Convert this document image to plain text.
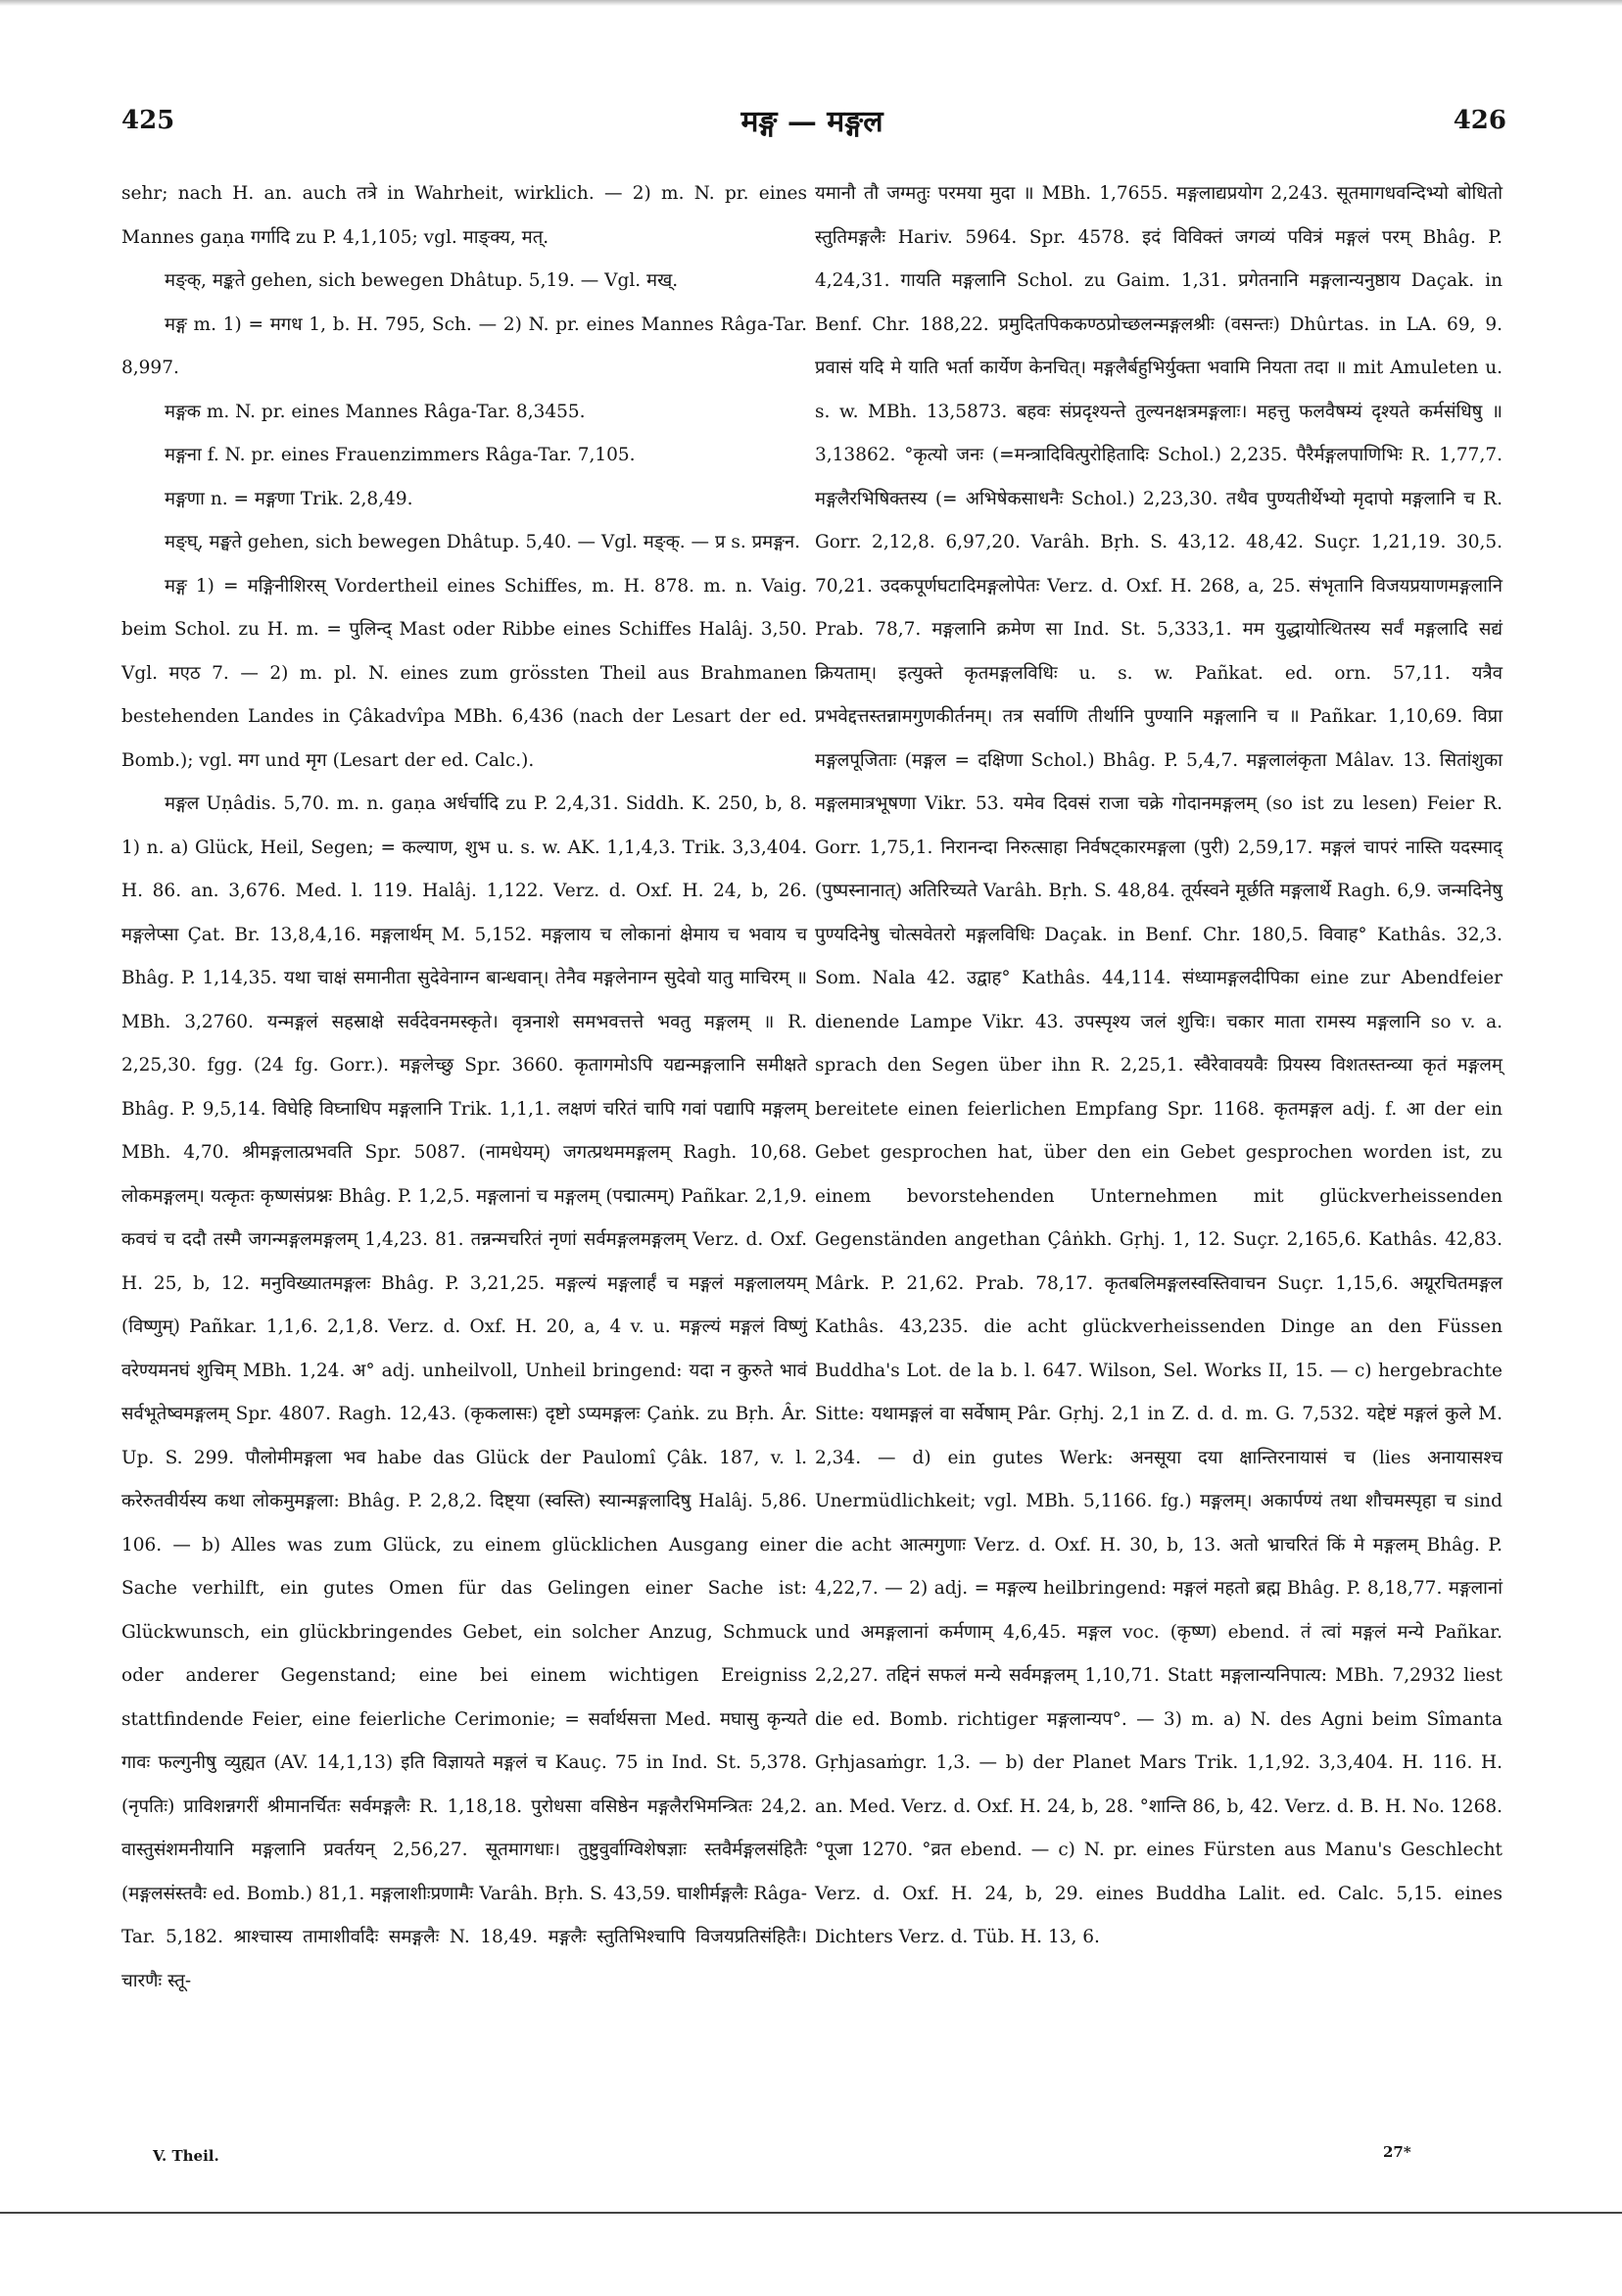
425	मङ्ग — मङ्गल	426

sehr; nach H. an. auch तत्रे in Wahrheit, wirklich. — 2) m. N. pr. eines Mannes gaṇa गर्गादि zu P. 4,1,105; vgl. माङ्क्य, मत्.

मङ्क्, मङ्कते gehen, sich bewegen Dhâtup. 5,19. — Vgl. मख्.

मङ्ग m. 1) = मगध 1, b. H. 795, Sch. — 2) N. pr. eines Mannes Râga-Tar. 8,997.

मङ्गक m. N. pr. eines Mannes Râga-Tar. 8,3455.

मङ्गना f. N. pr. eines Frauenzimmers Râga-Tar. 7,105.

मङ्गणा n. = मङ्गणा Trik. 2,8,49.

मङ्घ्, मङ्घते gehen, sich bewegen Dhâtup. 5,40. — Vgl. मङ्क्. — प्र s. प्रमङ्गन.

मङ्ग 1) = मङ्गिनीशिरस् Vordertheil eines Schiffes, m. H. 878. m. n. Vaig. beim Schol. zu H. m. = पुलिन्द् Mast oder Ribbe eines Schiffes Halâj. 3,50. Vgl. मएठ 7. — 2) m. pl. N. eines zum grössten Theil aus Brahmanen bestehenden Landes in Çâkadvîpa MBh. 6,436 (nach der Lesart der ed. Bomb.); vgl. मग und मृग (Lesart der ed. Calc.).

मङ्गल Uṇâdis. 5,70. m. n. gaṇa अर्धर्चादि zu P. 2,4,31. Siddh. K. 250, b, 8. 1) n. a) Glück, Heil, Segen; = कल्याण, शुभ u. s. w. AK. 1,1,4,3. Trik. 3,3,404. H. 86. an. 3,676. Med. l. 119. Halâj. 1,122. Verz. d. Oxf. H. 24, b, 26. मङ्गलेप्सा Çat. Br. 13,8,4,16. मङ्गलार्थम् M. 5,152. मङ्गलाय च लोकानां क्षेमाय च भवाय च Bhâg. P. 1,14,35. यथा चाक्षं समानीता सुदेवेनाग्न बान्धवान्। तेनैव मङ्गलेनाग्न सुदेवो यातु माचिरम् ॥ MBh. 3,2760. यन्मङ्गलं सहस्राक्षे सर्वदेवनमस्कृते। वृत्रनाशे समभवत्तत्ते भवतु मङ्गलम् ॥ R. 2,25,30. fgg. (24 fg. Gorr.). मङ्गलेच्छु Spr. 3660. कृतागमोऽपि यद्यन्मङ्गलानि समीक्षते Bhâg. P. 9,5,14. विघेहि विघ्नाधिप मङ्गलानि Trik. 1,1,1. लक्षणं चरितं चापि गवां पद्यापि मङ्गलम् MBh. 4,70. श्रीमङ्गलात्प्रभवति Spr. 5087. (नामधेयम्) जगत्प्रथममङ्गलम् Ragh. 10,68. लोकमङ्गलम्। यत्कृतः कृष्णसंप्रश्नः Bhâg. P. 1,2,5. मङ्गलानां च मङ्गलम् (पद्मात्मम्) Pañkar. 2,1,9. कवचं च ददौ तस्मै जगन्मङ्गलमङ्गलम् 1,4,23. 81. तन्नन्मचरितं नृणां सर्वमङ्गलमङ्गलम् Verz. d. Oxf. H. 25, b, 12. मनुविख्यातमङ्गलः Bhâg. P. 3,21,25. मङ्गल्यं मङ्गलार्हं च मङ्गलं मङ्गलालयम् (विष्णुम्) Pañkar. 1,1,6. 2,1,8. Verz. d. Oxf. H. 20, a, 4 v. u. मङ्गल्यं मङ्गलं विष्णुं वरेण्यमनघं शुचिम् MBh. 1,24. अ° adj. unheilvoll, Unheil bringend: यदा न कुरुते भावं सर्वभूतेष्वमङ्गलम् Spr. 4807. Ragh. 12,43. (कृकलासः) दृष्टो ऽप्यमङ्गलः Çaṅk. zu Bṛh. Âr. Up. S. 299. पौलोमीमङ्गला भव habe das Glück der Paulomî Çâk. 187, v. l. करेरुतवीर्यस्य कथा लोकमुमङ्गला: Bhâg. P. 2,8,2. दिष्ट्या (स्वस्ति) स्यान्मङ्गलादिषु Halâj. 5,86. 106. — b) Alles was zum Glück, zu einem glücklichen Ausgang einer Sache verhilft, ein gutes Omen für das Gelingen einer Sache ist: Glückwunsch, ein glückbringendes Gebet, ein solcher Anzug, Schmuck oder anderer Gegenstand; eine bei einem wichtigen Ereigniss stattfindende Feier, eine feierliche Cerimonie; = सर्वार्थसत्ता Med. मघासु कृन्यते गावः फल्गुनीषु व्युह्यत (AV. 14,1,13) इति विज्ञायते मङ्गलं च Kauç. 75 in Ind. St. 5,378. (नृपतिः) प्राविशन्नगरीं श्रीमानर्चितः सर्वमङ्गलैः R. 1,18,18. पुरोधसा वसिष्ठेन मङ्गलैरभिमन्त्रितः 24,2. वास्तुसंशमनीयानि मङ्गलानि प्रवर्तयन् 2,56,27. सूतमागधाः। तुष्टुवुर्वाग्विशेषज्ञाः स्तवैर्मङ्गलसंहितैः (मङ्गलसंस्तवैः ed. Bomb.) 81,1. मङ्गलाशीःप्रणामैः Varâh. Bṛh. S. 43,59. घाशीर्मङ्गलैः Râga-Tar. 5,182. श्राश्चास्य तामाशीर्वादैः समङ्गलैः N. 18,49. मङ्गलैः स्तुतिभिश्चापि विजयप्रतिसंहितैः। चारणैः स्तू-

यमानौ तौ जग्मतुः परमया मुदा ॥ MBh. 1,7655. मङ्गलाद्यप्रयोग 2,243. सूतमागधवन्दिभ्यो बोधितो स्तुतिमङ्गलैः Hariv. 5964. Spr. 4578. इदं विविक्तं जगव्यं पवित्रं मङ्गलं परम् Bhâg. P. 4,24,31. गायति मङ्गलानि Schol. zu Gaim. 1,31. प्रगेतनानि मङ्गलान्यनुष्ठाय Daçak. in Benf. Chr. 188,22. प्रमुदितपिककण्ठप्रोच्छलन्मङ्गलश्रीः (वसन्तः) Dhûrtas. in LA. 69, 9. प्रवासं यदि मे याति भर्ता कार्येण केनचित्। मङ्गलैर्बहुभिर्युक्ता भवामि नियता तदा ॥ mit Amuleten u. s. w. MBh. 13,5873. बहवः संप्रदृश्यन्ते तुल्यनक्षत्रमङ्गलाः। महत्तु फलवैषम्यं दृश्यते कर्मसंधिषु ॥ 3,13862. °कृत्यो जनः (=मन्त्रादिवित्पुरोहितादिः Schol.) 2,235. पैरैर्मङ्गलपाणिभिः R. 1,77,7. मङ्गलैरभिषिक्तस्य (= अभिषेकसाधनैः Schol.) 2,23,30. तथैव पुण्यतीर्थेभ्यो मृदापो मङ्गलानि च R. Gorr. 2,12,8. 6,97,20. Varâh. Bṛh. S. 43,12. 48,42. Suçr. 1,21,19. 30,5. 70,21. उदकपूर्णघटादिमङ्गलोपेतः Verz. d. Oxf. H. 268, a, 25. संभृतानि विजयप्रयाणमङ्गलानि Prab. 78,7. मङ्गलानि क्रमेण सा Ind. St. 5,333,1. मम युद्धायोत्थितस्य सर्वं मङ्गलादि सद्यं क्रियताम्। इत्युक्ते कृतमङ्गलविधिः u. s. w. Pañkat. ed. orn. 57,11. यत्रैव प्रभवेद्दत्तस्तन्नामगुणकीर्तनम्। तत्र सर्वाणि तीर्थानि पुण्यानि मङ्गलानि च ॥ Pañkar. 1,10,69. विप्रा मङ्गलपूजिताः (मङ्गल = दक्षिणा Schol.) Bhâg. P. 5,4,7. मङ्गलालंकृता Mâlav. 13. सितांशुका मङ्गलमात्रभूषणा Vikr. 53. यमेव दिवसं राजा चक्रे गोदानमङ्गलम् (so ist zu lesen) Feier R. Gorr. 1,75,1. निरानन्दा निरुत्साहा निर्वषट्कारमङ्गला (पुरी) 2,59,17. मङ्गलं चापरं नास्ति यदस्माद् (पुष्पस्नानात्) अतिरिच्यते Varâh. Bṛh. S. 48,84. तूर्यस्वने मूर्छति मङ्गलार्थे Ragh. 6,9. जन्मदिनेषु पुण्यदिनेषु चोत्सवेतरो मङ्गलविधिः Daçak. in Benf. Chr. 180,5. विवाह° Kathâs. 32,3. Som. Nala 42. उद्वाह° Kathâs. 44,114. संध्यामङ्गलदीपिका eine zur Abendfeier dienende Lampe Vikr. 43. उपस्पृश्य जलं शुचिः। चकार माता रामस्य मङ्गलानि so v. a. sprach den Segen über ihn R. 2,25,1. स्वैरेवावयवैः प्रियस्य विशतस्तन्व्या कृतं मङ्गलम् bereitete einen feierlichen Empfang Spr. 1168. कृतमङ्गल adj. f. आ der ein Gebet gesprochen hat, über den ein Gebet gesprochen worden ist, zu einem bevorstehenden Unternehmen mit glückverheissenden Gegenständen angethan Çâṅkh. Gṛhj. 1, 12. Suçr. 2,165,6. Kathâs. 42,83. Mârk. P. 21,62. Prab. 78,17. कृतबलिमङ्गलस्वस्तिवाचन Suçr. 1,15,6. अग्रूरचितमङ्गल Kathâs. 43,235. die acht glückverheissenden Dinge an den Füssen Buddha's Lot. de la b. l. 647. Wilson, Sel. Works II, 15. — c) hergebrachte Sitte: यथामङ्गलं वा सर्वेषाम् Pâr. Gṛhj. 2,1 in Z. d. d. m. G. 7,532. यद्देष्टं मङ्गलं कुले M. 2,34. — d) ein gutes Werk: अनसूया दया क्षान्तिरनायासं च (lies अनायासश्च Unermüdlichkeit; vgl. MBh. 5,1166. fg.) मङ्गलम्। अकार्पण्यं तथा शौचमस्पृहा च sind die acht आत्मगुणाः Verz. d. Oxf. H. 30, b, 13. अतो भ्राचरितं किं मे मङ्गलम् Bhâg. P. 4,22,7. — 2) adj. = मङ्गल्य heilbringend: मङ्गलं महतो ब्रह्म Bhâg. P. 8,18,77. मङ्गलानां und अमङ्गलानां कर्मणाम् 4,6,45. मङ्गल voc. (कृष्ण) ebend. तं त्वां मङ्गलं मन्ये Pañkar. 2,2,27. तद्दिनं सफलं मन्ये सर्वमङ्गलम् 1,10,71. Statt मङ्गलान्यनिपात्य: MBh. 7,2932 liest die ed. Bomb. richtiger मङ्गलान्यप°. — 3) m. a) N. des Agni beim Sîmanta Gṛhjasaṁgr. 1,3. — b) der Planet Mars Trik. 1,1,92. 3,3,404. H. 116. H. an. Med. Verz. d. Oxf. H. 24, b, 28. °शान्ति 86, b, 42. Verz. d. B. H. No. 1268. °पूजा 1270. °व्रत ebend. — c) N. pr. eines Fürsten aus Manu's Geschlecht Verz. d. Oxf. H. 24, b, 29. eines Buddha Lalit. ed. Calc. 5,15. eines Dichters Verz. d. Tüb. H. 13, 6.

V. Theil.	27*
